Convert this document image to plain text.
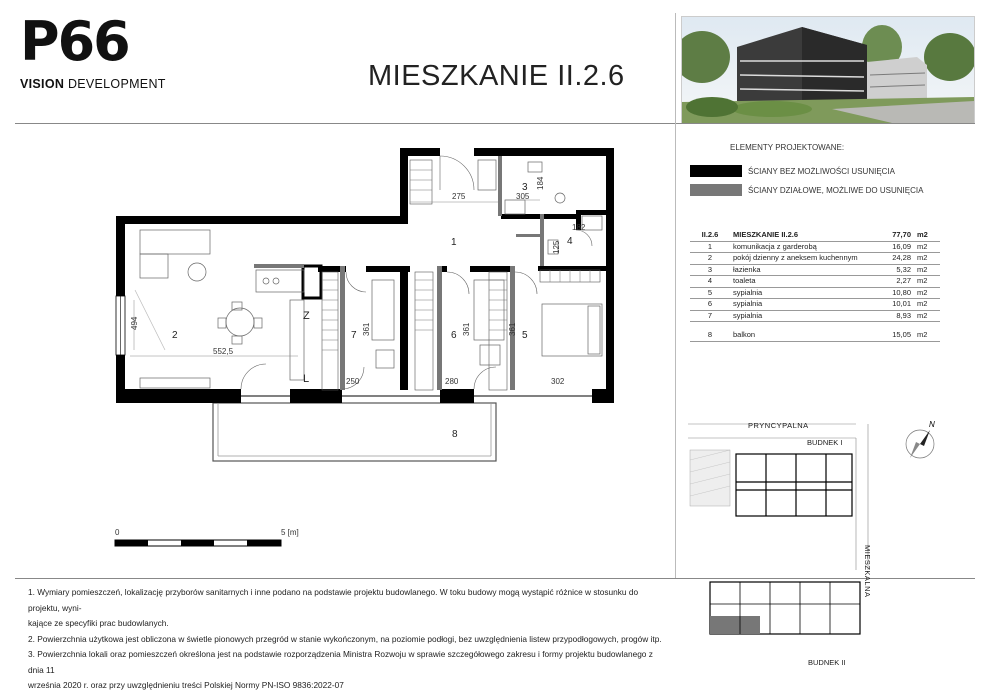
P66
VISION DEVELOPMENT	MIESZKANIE II.2.6
ELEMENTY PROJEKTOWANE:
ŚCIANY BEZ MOŻLIWOŚCI USUNIĘCIA
ŚCIANY DZIAŁOWE, MOŻLIWE DO USUNIĘCIA
II.2.6	MIESZKANIE II.2.6	77,70	m2
1	komunikacja z garderobą	16,09	m2
2	pokój dzienny z aneksem kuchennym	24,28	m2
3	łazienka	5,32	m2
4	toaleta	2,27	m2
5	sypialnia	10,80	m2
6	sypialnia	10,01	m2
7	sypialnia	8,93	m2

8	balkon	15,05	m2
1
2
3
4
5
6
7
8
275	305
184
182
125
494
552,5
361	361	361
250	280	302
Z
L
0	5 [m]
PRYNCYPALNA
BUDNEK I
BUDNEK II
MIESZKALNA
N

1. Wymiary pomieszczeń, lokalizację przyborów sanitarnych i inne podano na podstawie projektu budowlanego. W toku budowy mogą wystąpić różnice w stosunku do projektu, wyni-

kające ze specyfiki prac budowlanych.

2. Powierzchnia użytkowa jest obliczona w świetle pionowych przegród w stanie wykończonym, na poziomie podłogi, bez uwzględnienia listew przypodłogowych, progów itp.

3. Powierzchnia lokali oraz pomieszczeń określona jest na podstawie rozporządzenia Ministra Rozwoju w sprawie szczegółowego zakresu i formy projektu budowlanego z dnia 11

września 2020 r. oraz przy uwzględnieniu treści Polskiej Normy PN-ISO 9836:2022-07
